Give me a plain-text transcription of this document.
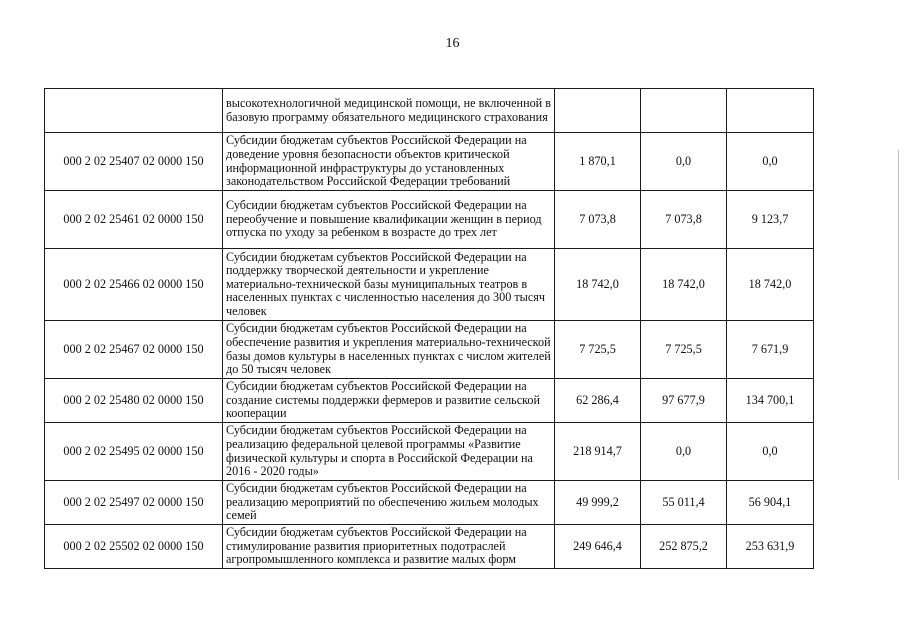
16
	высокотехнологичной медицинской помощи, не включенной в базовую программу обязательного медицинского страхования			
000 2 02 25407 02 0000 150	Субсидии бюджетам субъектов Российской Федерации на доведение уровня безопасности объектов критической информационной инфраструктуры до установленных законодательством Российской Федерации требований	1 870,1	0,0	0,0
000 2 02 25461 02 0000 150	Субсидии бюджетам субъектов Российской Федерации на переобучение и повышение квалификации женщин в период отпуска по уходу за ребенком в возрасте до трех лет	7 073,8	7 073,8	9 123,7
000 2 02 25466 02 0000 150	Субсидии бюджетам субъектов Российской Федерации на поддержку творческой деятельности и укрепление материально-технической базы муниципальных театров в населенных пунктах с численностью населения до 300 тысяч человек	18 742,0	18 742,0	18 742,0
000 2 02 25467 02 0000 150	Субсидии бюджетам субъектов Российской Федерации на обеспечение развития и укрепления материально-технической базы домов культуры в населенных пунктах с числом жителей до 50 тысяч человек	7 725,5	7 725,5	7 671,9
000 2 02 25480 02 0000 150	Субсидии бюджетам субъектов Российской Федерации на создание системы поддержки фермеров и развитие сельской кооперации	62 286,4	97 677,9	134 700,1
000 2 02 25495 02 0000 150	Субсидии бюджетам субъектов Российской Федерации на реализацию федеральной целевой программы «Развитие физической культуры и спорта в Российской Федерации на 2016 - 2020 годы»	218 914,7	0,0	0,0
000 2 02 25497 02 0000 150	Субсидии бюджетам субъектов Российской Федерации на реализацию мероприятий по обеспечению жильем молодых семей	49 999,2	55 011,4	56 904,1
000 2 02 25502 02 0000 150	Субсидии бюджетам субъектов Российской Федерации на стимулирование развития приоритетных подотраслей агропромышленного комплекса и развитие малых форм	249 646,4	252 875,2	253 631,9
